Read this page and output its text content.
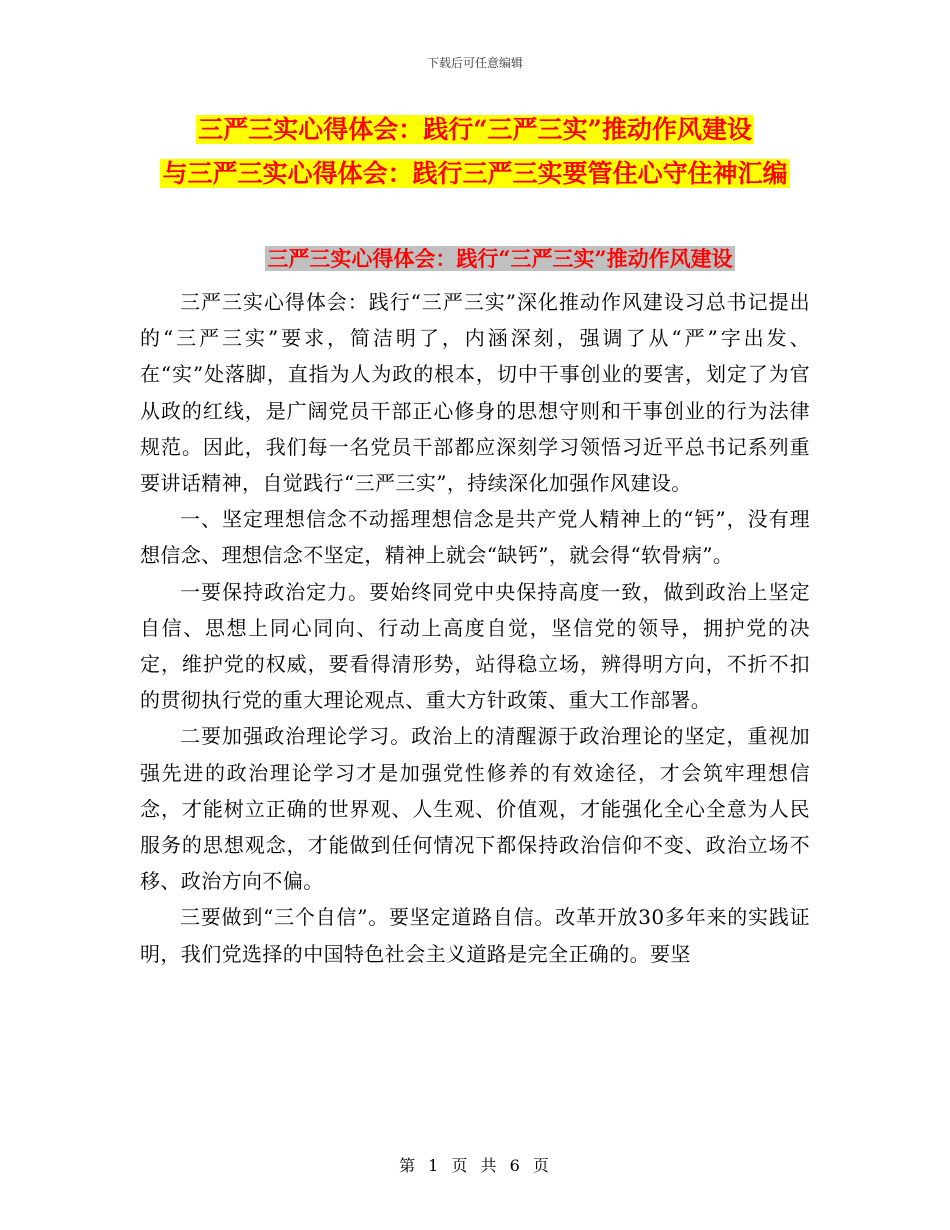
下载后可任意编辑
三严三实心得体会：践行“三严三实”推动作风建设
与三严三实心得体会：践行三严三实要管住心守住神汇编
三严三实心得体会：践行“三严三实”推动作风建设

三严三实心得体会：践行“三严三实”深化推动作风建设习总书记提出的“三严三实”要求，简洁明了，内涵深刻，强调了从“严”字出发、在“实”处落脚，直指为人为政的根本，切中干事创业的要害，划定了为官从政的红线，是广阔党员干部正心修身的思想守则和干事创业的行为法律规范。因此，我们每一名党员干部都应深刻学习领悟习近平总书记系列重要讲话精神，自觉践行“三严三实”，持续深化加强作风建设。

一、坚定理想信念不动摇理想信念是共产党人精神上的“钙”，没有理想信念、理想信念不坚定，精神上就会“缺钙”，就会得“软骨病”。

一要保持政治定力。要始终同党中央保持高度一致，做到政治上坚定自信、思想上同心同向、行动上高度自觉，坚信党的领导，拥护党的决定，维护党的权威，要看得清形势，站得稳立场，辨得明方向，不折不扣的贯彻执行党的重大理论观点、重大方针政策、重大工作部署。

二要加强政治理论学习。政治上的清醒源于政治理论的坚定，重视加强先进的政治理论学习才是加强党性修养的有效途径，才会筑牢理想信念，才能树立正确的世界观、人生观、价值观，才能强化全心全意为人民服务的思想观念，才能做到任何情况下都保持政治信仰不变、政治立场不移、政治方向不偏。

三要做到“三个自信”。要坚定道路自信。改革开放30多年来的实践证明，我们党选择的中国特色社会主义道路是完全正确的。要坚

第 1 页 共 6 页
